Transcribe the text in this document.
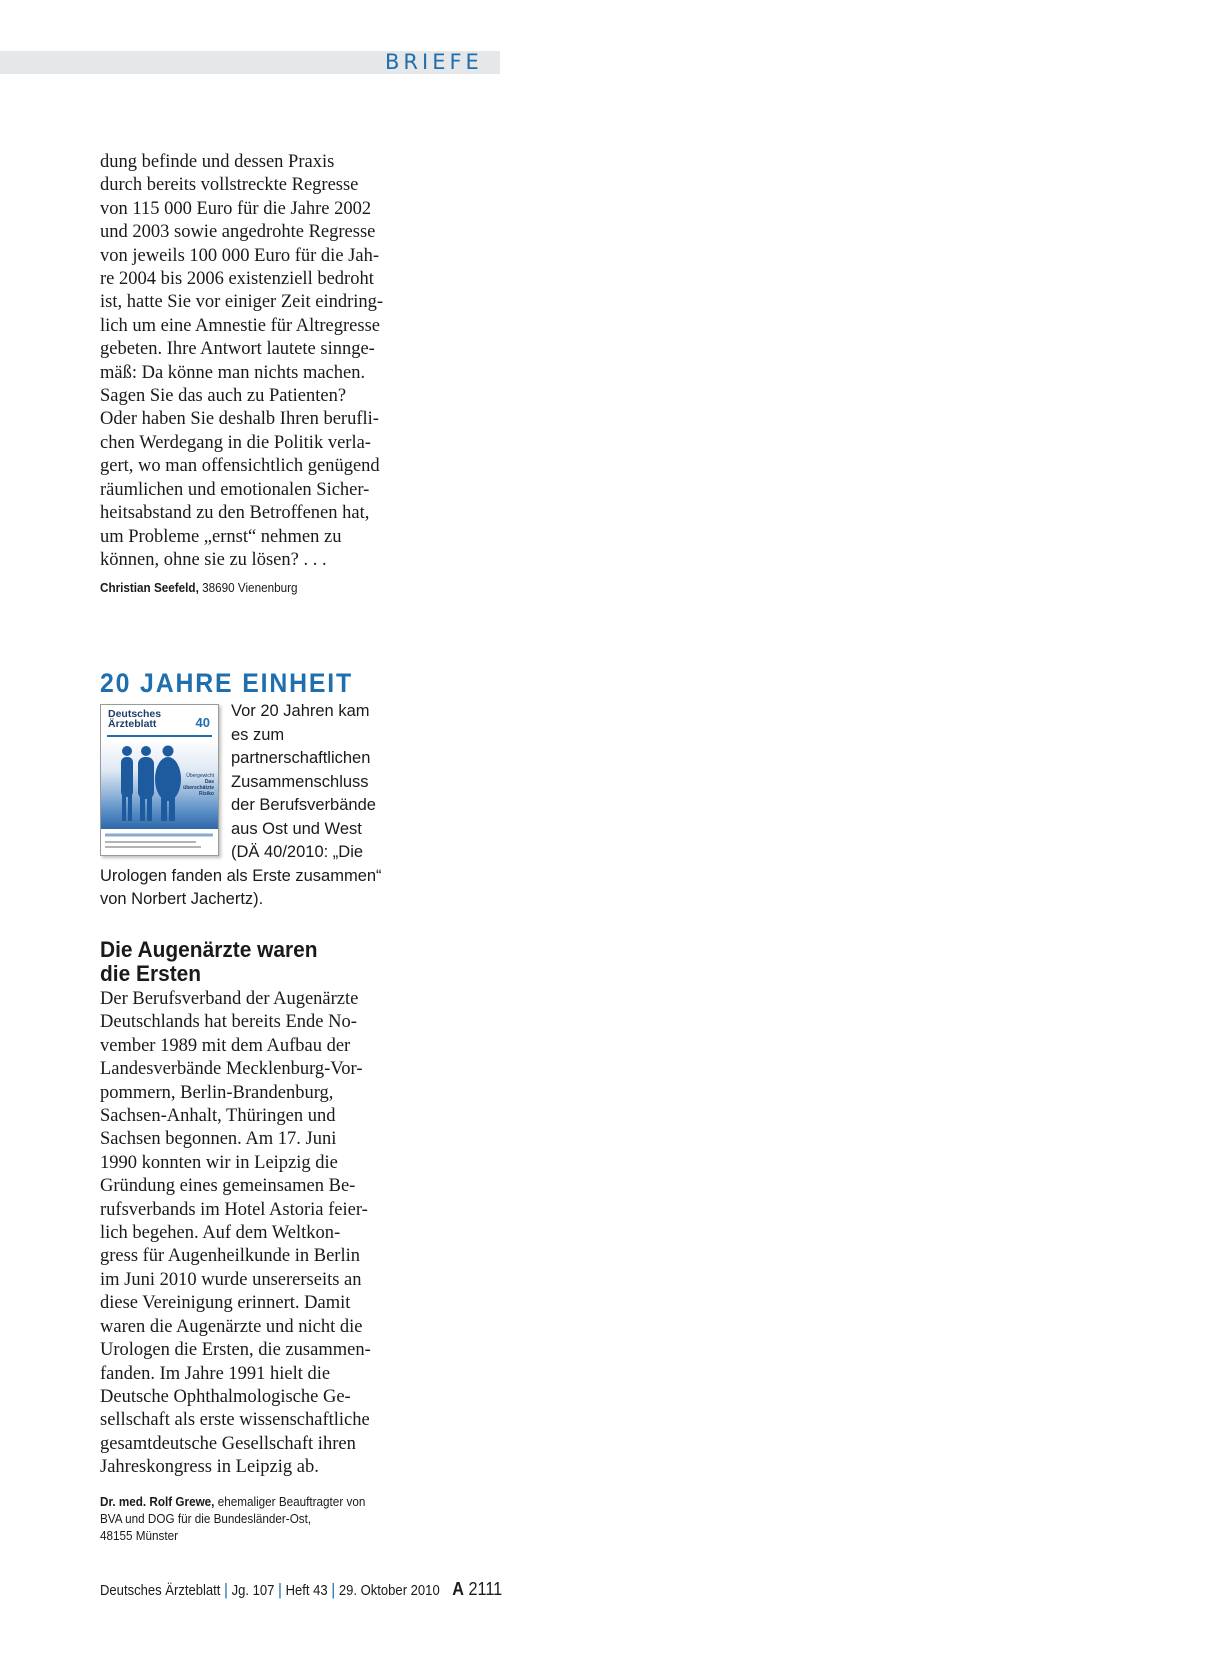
BRIEFE

dung befinde und dessen Praxis
durch bereits vollstreckte Regresse
von 115 000 Euro für die Jahre 2002
und 2003 sowie angedrohte Regresse
von jeweils 100 000 Euro für die Jah-
re 2004 bis 2006 existenziell bedroht
ist, hatte Sie vor einiger Zeit eindring-
lich um eine Amnestie für Altregresse
gebeten. Ihre Antwort lautete sinnge-
mäß: Da könne man nichts machen.
Sagen Sie das auch zu Patienten?
Oder haben Sie deshalb Ihren berufli-
chen Werdegang in die Politik verla-
gert, wo man offensichtlich genügend
räumlichen und emotionalen Sicher-
heitsabstand zu den Betroffenen hat,
um Probleme „ernst“ nehmen zu
können, ohne sie zu lösen? . . .

Christian Seefeld, 38690 Vienenburg
20 JAHRE EINHEIT
Deutsches
Ärzteblatt	40
Übergewicht
Das
überschätzte
Risiko
Vor 20 Jahren kam es zum partnerschaftlichen Zusammenschluss der Berufsverbände aus Ost und West (DÄ 40/2010: „Die Urologen fanden als Erste zusammen“ von Norbert Jachertz).
Die Augenärzte waren
die Ersten

Der Berufsverband der Augenärzte
Deutschlands hat bereits Ende No-
vember 1989 mit dem Aufbau der
Landesverbände Mecklenburg-Vor-
pommern, Berlin-Brandenburg,
Sachsen-Anhalt, Thüringen und
Sachsen begonnen. Am 17. Juni
1990 konnten wir in Leipzig die
Gründung eines gemeinsamen Be-
rufsverbands im Hotel Astoria feier-
lich begehen. Auf dem Weltkon-
gress für Augenheilkunde in Berlin
im Juni 2010 wurde unsererseits an
diese Vereinigung erinnert. Damit
waren die Augenärzte und nicht die
Urologen die Ersten, die zusammen-
fanden. Im Jahre 1991 hielt die
Deutsche Ophthalmologische Ge-
sellschaft als erste wissenschaftliche
gesamtdeutsche Gesellschaft ihren
Jahreskongress in Leipzig ab.

Dr. med. Rolf Grewe, ehemaliger Beauftragter von
BVA und DOG für die Bundesländer-Ost,
48155 Münster
Deutsches Ärzteblatt | Jg. 107 | Heft 43 | 29. Oktober 2010 A 2111
